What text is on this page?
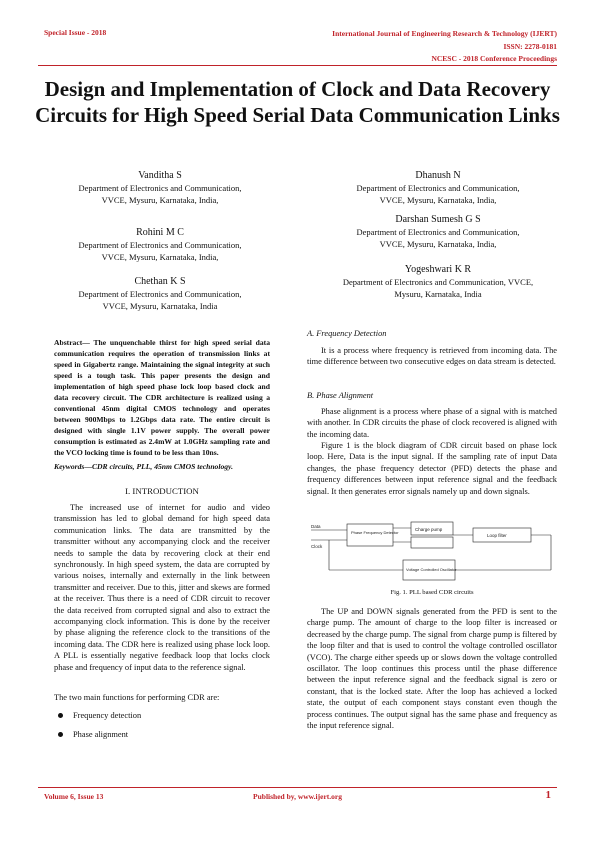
Special Issue - 2018	International Journal of Engineering Research & Technology (IJERT)
ISSN: 2278-0181
NCESC - 2018 Conference Proceedings
Design and Implementation of Clock and Data Recovery Circuits for High Speed Serial Data Communication Links
Vanditha S
Department of Electronics and Communication,
VVCE, Mysuru, Karnataka, India,
Rohini M C
Department of Electronics and Communication,
VVCE, Mysuru, Karnataka, India,
Chethan K S
Department of Electronics and Communication,
VVCE, Mysuru, Karnataka, India
Dhanush N
Department of Electronics and Communication,
VVCE, Mysuru, Karnataka, India,
Darshan Sumesh G S
Department of Electronics and Communication,
VVCE, Mysuru, Karnataka, India,
Yogeshwari K R
Department of Electronics and Communication, VVCE,
Mysuru, Karnataka, India
Abstract— The unquenchable thirst for high speed serial data communication requires the operation of transmission links at speed in Gigabertz range. Maintaining the signal integrity at such speed is a tough task. This paper presents the design and implementation of high speed phase lock loop based clock and data recovery circuit. The CDR architecture is realized using a conventional 45nm digital CMOS technology and operates between 900Mbps to 1.2Gbps data rate. The entire circuit is designed with single 1.1V power supply. The overall power consumption is estimated as 2.4mW at 1.0GHz sampling rate and the VCO locking time is found to be less than 10ns.
Keywords—CDR circuits, PLL, 45nm CMOS technology.
I. INTRODUCTION
The increased use of internet for audio and video transmission has led to global demand for high speed data communication links. The data are transmitted by the transmitter without any accompanying clock and the receiver needs to sample the data by recovering clock at their end synchronously. In high speed system, the data are corrupted by various noises, internally and externally in the link between transmitter and receiver. Due to this, jitter and skews are formed at the receiver. Thus there is a need of CDR circuit to recover the data received from corrupted signal and also to extract the accompanying clock information. This is done by the receiver by phase aligning the reference clock to the transitions of the incoming data. The CDR here is realized using phase lock loop. A PLL is essentially negative feedback loop that locks clock phase and frequency of input data to the reference signal.
The two main functions for performing CDR are:
Frequency detection
Phase alignment
A. Frequency Detection
It is a process where frequency is retrieved from incoming data. The time difference between two consecutive edges on data stream is detected.
B. Phase Alignment
Phase alignment is a process where phase of a signal with is matched with another. In CDR circuits the phase of clock recovered is aligned with the incoming data.
Figure 1 is the block diagram of CDR circuit based on phase lock loop. Here, Data is the input signal. If the sampling rate of input Data changes, the phase frequency detector (PFD) detects the phase and frequency differences between input reference signal and the feedback signal. It then generates error signals namely up and down signals.
Data
Clock
Phase Frequency Detector
Charge pump
Loop filter
Voltage Controlled Oscillator
Fig. 1. PLL based CDR circuits
The UP and DOWN signals generated from the PFD is sent to the charge pump. The amount of charge to the loop filter is increased or decreased by the charge pump. The signal from charge pump is filtered by the loop filter and that is used to control the voltage controlled oscillator (VCO). The charge either speeds up or slows down the voltage controlled oscillator. The loop continues this process until the phase difference between the input reference signal and the feedback signal is zero or constant, that is the locked state. After the loop has achieved a locked state, the output of each component stays constant even though the process continues. The output signal has the same phase and frequency as the input reference signal.
Volume 6, Issue 13	Published by, www.ijert.org	1
